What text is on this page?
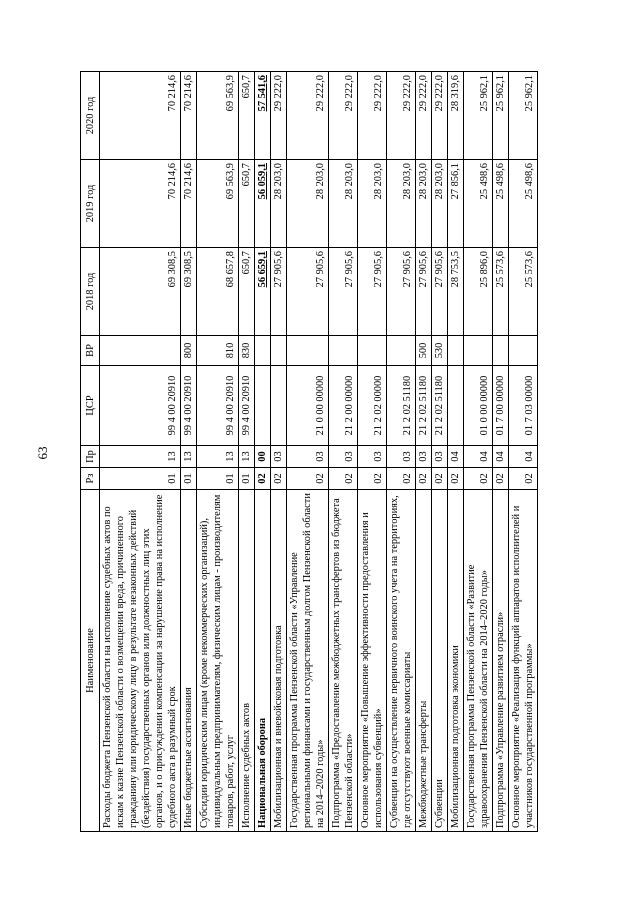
63
Наименование	Рз	Пр	ЦСР	ВР	2018 год	2019 год	2020 год
Расходы бюджета Пензенской области на исполнение судебных актов по искам к казне Пензенской области о возмещении вреда, причиненного гражданину или юридическому лицу в результате незаконных действий (бездействия) государственных органов или должностных лиц этих органов, и о присуждении компенсации за нарушение права на исполнение судебного акта в разумный срок	01	13	99 4 00 20910		69 308,5	70 214,6	70 214,6
Иные бюджетные ассигнования	01	13	99 4 00 20910	800	69 308,5	70 214,6	70 214,6
Субсидии юридическим лицам (кроме некоммерческих организаций), индивидуальным предпринимателям, физическим лицам - производителям товаров, работ, услуг	01	13	99 4 00 20910	810	68 657,8	69 563,9	69 563,9
Исполнение судебных актов	01	13	99 4 00 20910	830	650,7	650,7	650,7
Национальная оборона	02	00			56 659,1	56 059,1	57 541,6
Мобилизационная и вневойсковая подготовка	02	03			27 905,6	28 203,0	29 222,0
Государственная программа Пензенской области «Управление региональными финансами и государственным долгом Пензенской области на 2014–2020 годы»	02	03	21 0 00 00000		27 905,6	28 203,0	29 222,0
Подпрограмма «Предоставление межбюджетных трансфертов из бюджета Пензенской области»	02	03	21 2 00 00000		27 905,6	28 203,0	29 222,0
Основное мероприятие «Повышение эффективности предоставления и использования субвенций»	02	03	21 2 02 00000		27 905,6	28 203,0	29 222,0
Субвенции на осуществление первичного воинского учета на территориях, где отсутствуют военные комиссариаты	02	03	21 2 02 51180		27 905,6	28 203,0	29 222,0
Межбюджетные трансферты	02	03	21 2 02 51180	500	27 905,6	28 203,0	29 222,0
Субвенции	02	03	21 2 02 51180	530	27 905,6	28 203,0	29 222,0
Мобилизационная подготовка экономики	02	04			28 753,5	27 856,1	28 319,6
Государственная программа Пензенской области «Развитие здравоохранения Пензенской области на 2014–2020 годы»	02	04	01 0 00 00000		25 896,0	25 498,6	25 962,1
Подпрограмма «Управление развитием отрасли»	02	04	01 7 00 00000		25 573,6	25 498,6	25 962,1
Основное мероприятие «Реализация функций аппаратов исполнителей и участников государственной программы»	02	04	01 7 03 00000		25 573,6	25 498,6	25 962,1
